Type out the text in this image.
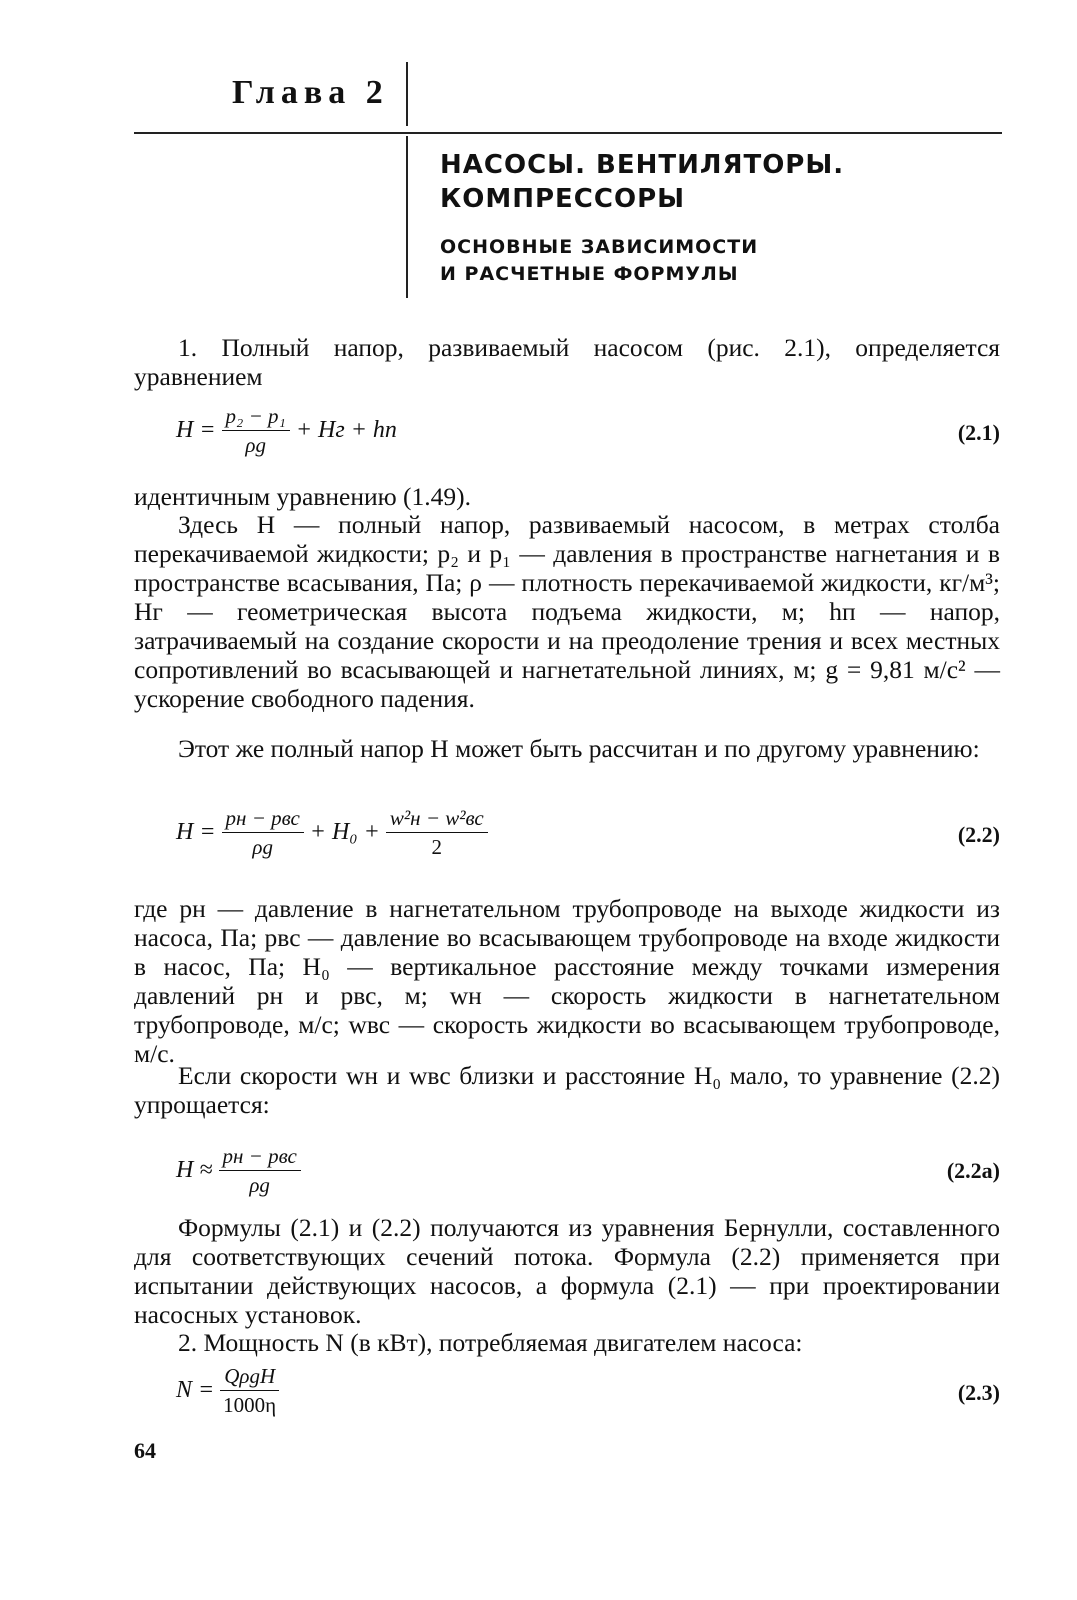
Глава 2
НАСОСЫ. ВЕНТИЛЯТОРЫ.
КОМПРЕССОРЫ
ОСНОВНЫЕ ЗАВИСИМОСТИ
И РАСЧЕТНЫЕ ФОРМУЛЫ
1. Полный напор, развиваемый насосом (рис. 2.1), определяется уравнением
$H = \frac{\text{p₂ − p₁}}{\rho g}$ + Hг + hп	(2.1)
идентичным уравнению (1.49).
Здесь H — полный напор, развиваемый насосом, в метрах столба перекачиваемой жидкости; p₂ и p₁ — давления в пространстве нагнетания и в пространстве всасывания, Па; ρ — плотность перекачиваемой жидкости, кг/м³; Hг — геометрическая высота подъема жидкости, м; hп — напор, затрачиваемый на создание скорости и на преодоление трения и всех местных сопротивлений во всасывающей и нагнетательной линиях, м; g = 9,81 м/с² — ускорение свободного падения.
Этот же полный напор H может быть рассчитан и по другому уравнению:
$H = \frac{\text{pн − pвс}}{\rho g} + H_0 + \frac{\text{w²н − w²вс}}{2}$	(2.2)
где pн — давление в нагнетательном трубопроводе на выходе жидкости из насоса, Па; pвс — давление во всасывающем трубопроводе на входе жидкости в насос, Па; H₀ — вертикальное расстояние между точками измерения давлений pн и pвс, м; wн — скорость жидкости в нагнетательном трубопроводе, м/с; wвс — скорость жидкости во всасывающем трубопроводе, м/с.
Если скорости wн и wвс близки и расстояние H₀ мало, то уравнение (2.2) упрощается:
$H \approx \frac{\text{pн − pвс}}{\rho g}$	(2.2а)
Формулы (2.1) и (2.2) получаются из уравнения Бернулли, составленного для соответствующих сечений потока. Формула (2.2) применяется при испытании действующих насосов, а формула (2.1) — при проектировании насосных установок.
2. Мощность N (в кВт), потребляемая двигателем насоса:
$N = \frac{\text{QρgH}}{1000\eta}$	(2.3)
64
